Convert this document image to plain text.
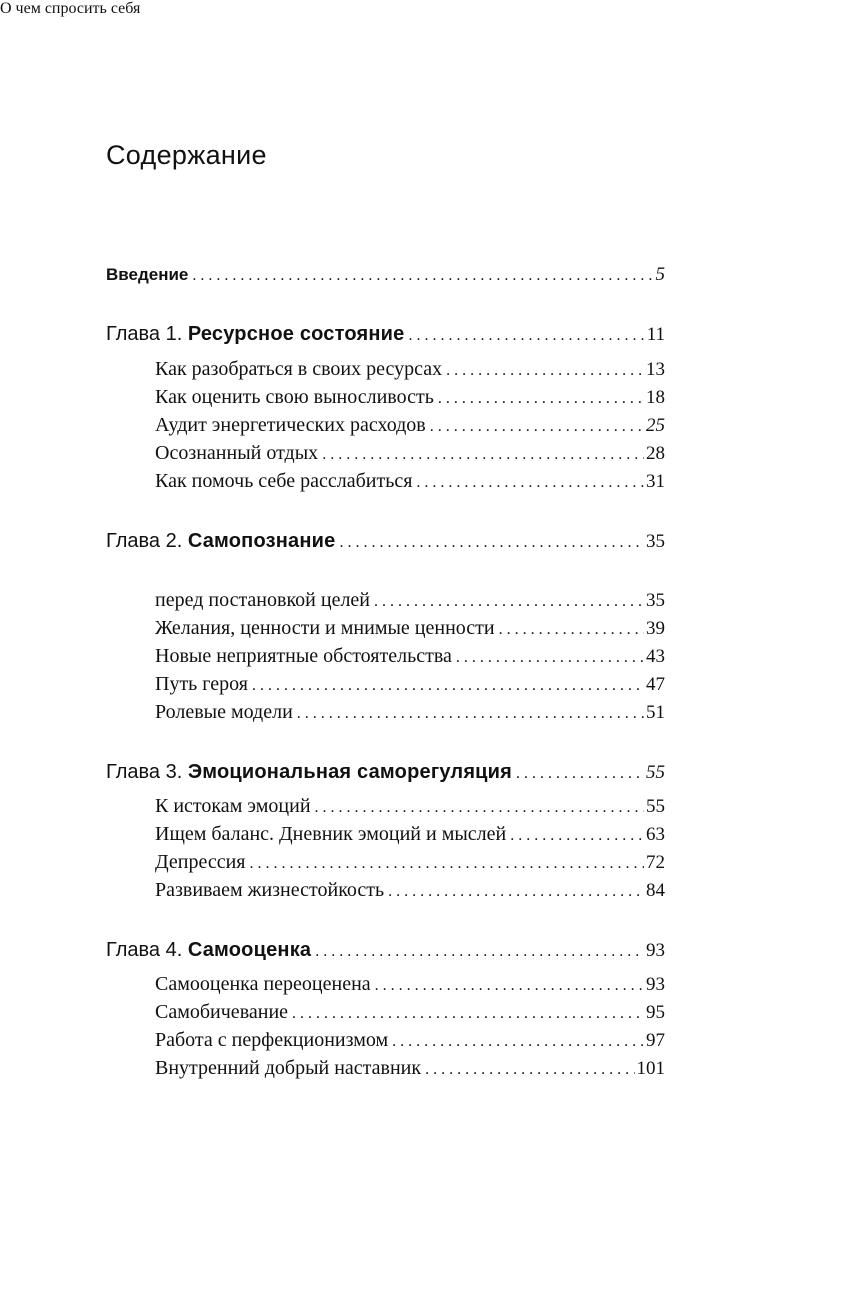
Содержание
Введение . . .	5
Глава 1. Ресурсное состояние . . .	11
Как разобраться в своих ресурсах . . .	13
Как оценить свою выносливость . . .	18
Аудит энергетических расходов . . .	25
Осознанный отдых . . .	28
Как помочь себе расслабиться . . .	31
Глава 2. Самопознание . . .	35
О чем спросить себя
перед постановкой целей . . .	35
Желания, ценности и мнимые ценности . . .	39
Новые неприятные обстоятельства . . .	43
Путь героя . . .	47
Ролевые модели . . .	51
Глава 3. Эмоциональная саморегуляция . . .	55
К истокам эмоций . . .	55
Ищем баланс. Дневник эмоций и мыслей . . .	63
Депрессия . . .	72
Развиваем жизнестойкость . . .	84
Глава 4. Самооценка . . .	93
Самооценка переоценена . . .	93
Самобичевание . . .	95
Работа с перфекционизмом . . .	97
Внутренний добрый наставник . . .	101
